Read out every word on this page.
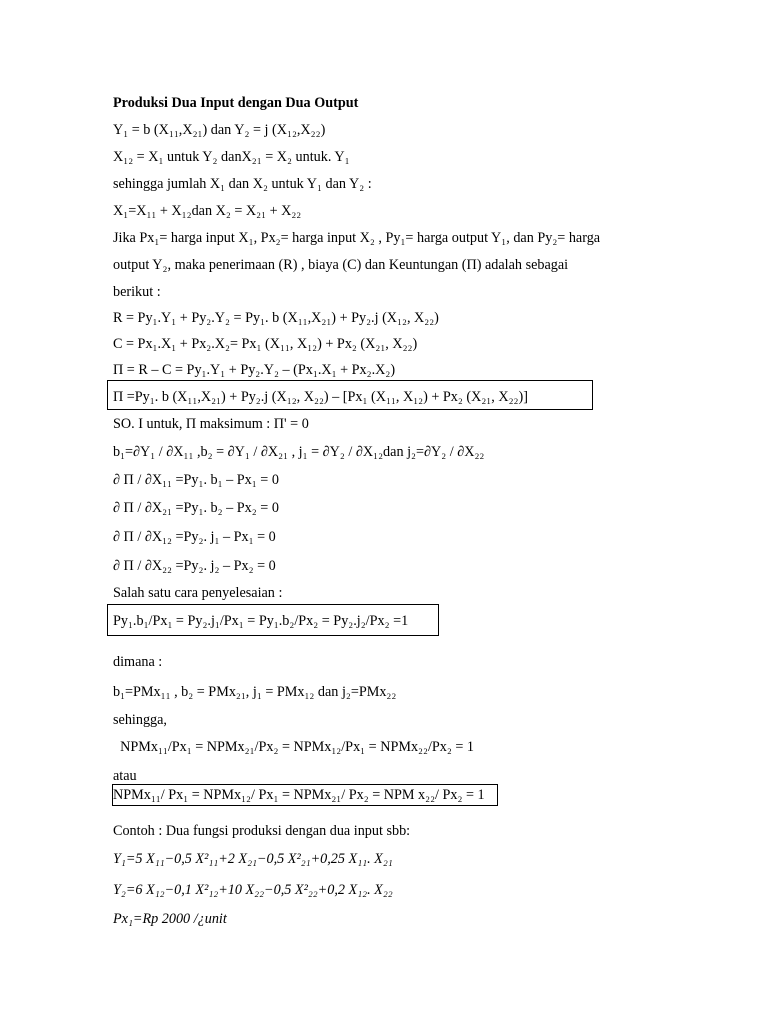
Produksi Dua Input dengan Dua Output
Y₁ = b (X₁₁,X₂₁) dan Y₂ = j (X₁₂,X₂₂)
X₁₂ = X₁ untuk Y₂ danX₂₁ = X₂ untuk. Y₁
sehingga jumlah X₁ dan X₂ untuk Y₁ dan Y₂ :
X₁=X₁₁ + X₁₂dan X₂ = X₂₁ + X₂₂
Jika Px₁= harga input X₁, Px₂= harga input X₂ , Py₁= harga output Y₁, dan Py₂= harga
output Y₂, maka penerimaan (R) , biaya (C) dan Keuntungan (Π) adalah sebagai
berikut :
R = Py₁.Y₁ + Py₂.Y₂ = Py₁. b (X₁₁,X₂₁) + Py₂.j (X₁₂, X₂₂)
C = Px₁.X₁ + Px₂.X₂= Px₁ (X₁₁, X₁₂) + Px₂ (X₂₁, X₂₂)
Π = R – C = Py₁.Y₁ + Py₂.Y₂ – (Px₁.X₁ + Px₂.X₂)
Π =Py₁. b (X₁₁,X₂₁) + Py₂.j (X₁₂, X₂₂) – [Px₁ (X₁₁, X₁₂) + Px₂ (X₂₁, X₂₂)]
SO. I untuk, Π maksimum : Π' = 0
b₁=∂Y₁ / ∂X₁₁ ,b₂ = ∂Y₁ / ∂X₂₁ , j₁ = ∂Y₂ / ∂X₁₂dan j₂=∂Y₂ / ∂X₂₂
∂ Π / ∂X₁₁ =Py₁. b₁ – Px₁ = 0
∂ Π / ∂X₂₁ =Py₁. b₂ – Px₂ = 0
∂ Π / ∂X₁₂ =Py₂. j₁ – Px₁ = 0
∂ Π / ∂X₂₂ =Py₂. j₂ – Px₂ = 0
Salah satu cara penyelesaian :
Py₁.b₁/Px₁ = Py₂.j₁/Px₁ = Py₁.b₂/Px₂ = Py₂.j₂/Px₂ =1
dimana :
b₁=PMx₁₁ , b₂ = PMx₂₁, j₁ = PMx₁₂ dan j₂=PMx₂₂
sehingga,
NPMx₁₁/Px₁ = NPMx₂₁/Px₂ = NPMx₁₂/Px₁ = NPMx₂₂/Px₂ = 1
atau
NPMx₁₁/ Px₁ = NPMx₁₂/ Px₁ = NPMx₂₁/ Px₂ = NPM x₂₂/ Px₂ = 1
Contoh : Dua fungsi produksi dengan dua input sbb:
Y₁=5 X₁₁−0,5 X²₁₁+2 X₂₁−0,5 X²₂₁+0,25 X₁₁. X₂₁
Y₂=6 X₁₂−0,1 X²₁₂+10 X₂₂−0,5 X²₂₂+0,2 X₁₂. X₂₂
Px₁=Rp 2000 /¿unit
